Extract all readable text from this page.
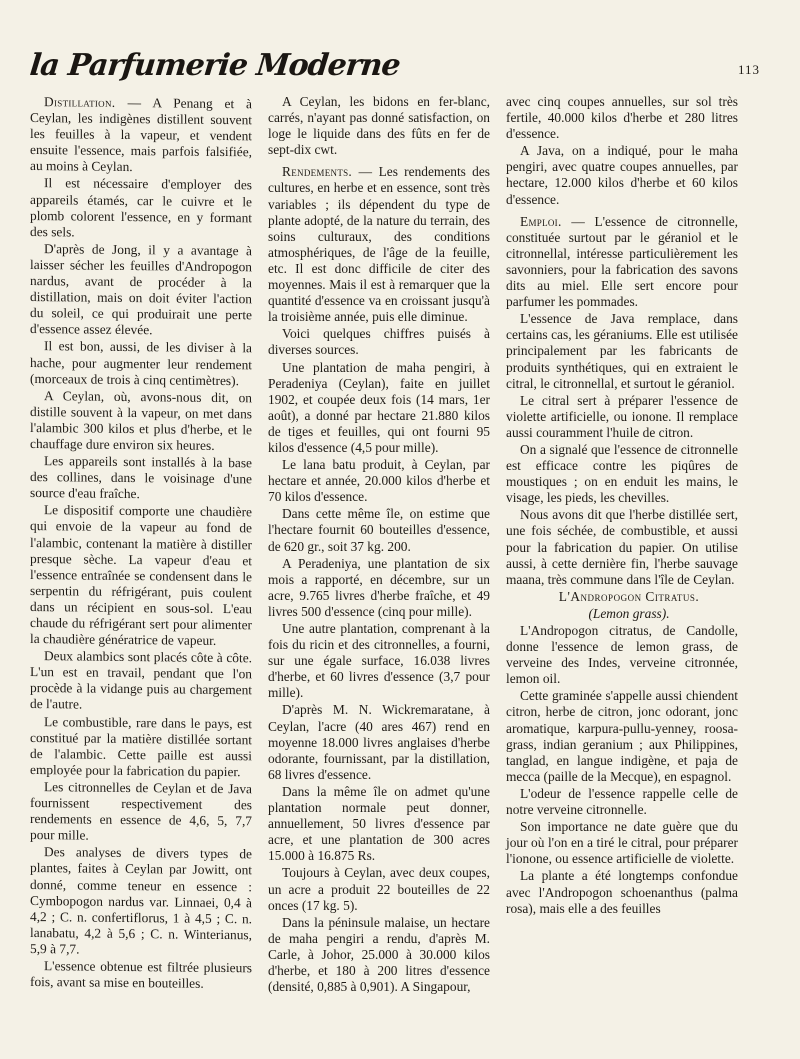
la Parfumerie Moderne	113

Distillation. — A Penang et à Ceylan, les indigènes distillent souvent les feuilles à la vapeur, et vendent ensuite l'essence, mais parfois falsifiée, au moins à Ceylan.

Il est nécessaire d'employer des appareils étamés, car le cuivre et le plomb colorent l'essence, en y formant des sels.

D'après de Jong, il y a avantage à laisser sécher les feuilles d'Andropogon nardus, avant de procéder à la distillation, mais on doit éviter l'action du soleil, ce qui produirait une perte d'essence assez élevée.

Il est bon, aussi, de les diviser à la hache, pour augmenter leur rendement (morceaux de trois à cinq centimètres).

A Ceylan, où, avons-nous dit, on distille souvent à la vapeur, on met dans l'alambic 300 kilos et plus d'herbe, et le chauffage dure environ six heures.

Les appareils sont installés à la base des collines, dans le voisinage d'une source d'eau fraîche.

Le dispositif comporte une chaudière qui envoie de la vapeur au fond de l'alambic, contenant la matière à distiller presque sèche. La vapeur d'eau et l'essence entraînée se condensent dans le serpentin du réfrigérant, puis coulent dans un récipient en sous-sol. L'eau chaude du réfrigérant sert pour alimenter la chaudière génératrice de vapeur.

Deux alambics sont placés côte à côte. L'un est en travail, pendant que l'on procède à la vidange puis au chargement de l'autre.

Le combustible, rare dans le pays, est constitué par la matière distillée sortant de l'alambic. Cette paille est aussi employée pour la fabrication du papier.

Les citronnelles de Ceylan et de Java fournissent respectivement des rendements en essence de 4,6, 5, 7,7 pour mille.

Des analyses de divers types de plantes, faites à Ceylan par Jowitt, ont donné, comme teneur en essence : Cymbopogon nardus var. Linnaei, 0,4 à 4,2 ; C. n. confertiflorus, 1 à 4,5 ; C. n. lanabatu, 4,2 à 5,6 ; C. n. Winterianus, 5,9 à 7,7.

L'essence obtenue est filtrée plusieurs fois, avant sa mise en bouteilles.

A Ceylan, les bidons en fer-blanc, carrés, n'ayant pas donné satisfaction, on loge le liquide dans des fûts en fer de sept-dix cwt.

Rendements. — Les rendements des cultures, en herbe et en essence, sont très variables ; ils dépendent du type de plante adopté, de la nature du terrain, des soins culturaux, des conditions atmosphériques, de l'âge de la feuille, etc. Il est donc difficile de citer des moyennes. Mais il est à remarquer que la quantité d'essence va en croissant jusqu'à la troisième année, puis elle diminue.

Voici quelques chiffres puisés à diverses sources.

Une plantation de maha pengiri, à Peradeniya (Ceylan), faite en juillet 1902, et coupée deux fois (14 mars, 1er août), a donné par hectare 21.880 kilos de tiges et feuilles, qui ont fourni 95 kilos d'essence (4,5 pour mille).

Le lana batu produit, à Ceylan, par hectare et année, 20.000 kilos d'herbe et 70 kilos d'essence.

Dans cette même île, on estime que l'hectare fournit 60 bouteilles d'essence, de 620 gr., soit 37 kg. 200.

A Peradeniya, une plantation de six mois a rapporté, en décembre, sur un acre, 9.765 livres d'herbe fraîche, et 49 livres 500 d'essence (cinq pour mille).

Une autre plantation, comprenant à la fois du ricin et des citronnelles, a fourni, sur une égale surface, 16.038 livres d'herbe, et 60 livres d'essence (3,7 pour mille).

D'après M. N. Wickremaratane, à Ceylan, l'acre (40 ares 467) rend en moyenne 18.000 livres anglaises d'herbe odorante, fournissant, par la distillation, 68 livres d'essence.

Dans la même île on admet qu'une plantation normale peut donner, annuellement, 50 livres d'essence par acre, et une plantation de 300 acres 15.000 à 16.875 Rs.

Toujours à Ceylan, avec deux coupes, un acre a produit 22 bouteilles de 22 onces (17 kg. 5).

Dans la péninsule malaise, un hectare de maha pengiri a rendu, d'après M. Carle, à Johor, 25.000 à 30.000 kilos d'herbe, et 180 à 200 litres d'essence (densité, 0,885 à 0,901). A Singapour,

avec cinq coupes annuelles, sur sol très fertile, 40.000 kilos d'herbe et 280 litres d'essence.

A Java, on a indiqué, pour le maha pengiri, avec quatre coupes annuelles, par hectare, 12.000 kilos d'herbe et 60 kilos d'essence.

Emploi. — L'essence de citronnelle, constituée surtout par le géraniol et le citronnellal, intéresse particulièrement les savonniers, pour la fabrication des savons dits au miel. Elle sert encore pour parfumer les pommades.

L'essence de Java remplace, dans certains cas, les géraniums. Elle est utilisée principalement par les fabricants de produits synthétiques, qui en extraient le citral, le citronnellal, et surtout le géraniol.

Le citral sert à préparer l'essence de violette artificielle, ou ionone. Il remplace aussi couramment l'huile de citron.

On a signalé que l'essence de citronnelle est efficace contre les piqûres de moustiques ; on en enduit les mains, le visage, les pieds, les chevilles.

Nous avons dit que l'herbe distillée sert, une fois séchée, de combustible, et aussi pour la fabrication du papier. On utilise aussi, à cette dernière fin, l'herbe sauvage maana, très commune dans l'île de Ceylan.

L'Andropogon Citratus.

(Lemon grass).

L'Andropogon citratus, de Candolle, donne l'essence de lemon grass, de verveine des Indes, verveine citronnée, lemon oil.

Cette graminée s'appelle aussi chiendent citron, herbe de citron, jonc odorant, jonc aromatique, karpura-pullu-yenney, roosa-grass, indian geranium ; aux Philippines, tanglad, en langue indigène, et paja de mecca (paille de la Mecque), en espagnol.

L'odeur de l'essence rappelle celle de notre verveine citronnelle.

Son importance ne date guère que du jour où l'on en a tiré le citral, pour préparer l'ionone, ou essence artificielle de violette.

La plante a été longtemps confondue avec l'Andropogon schoenanthus (palma rosa), mais elle a des feuilles
